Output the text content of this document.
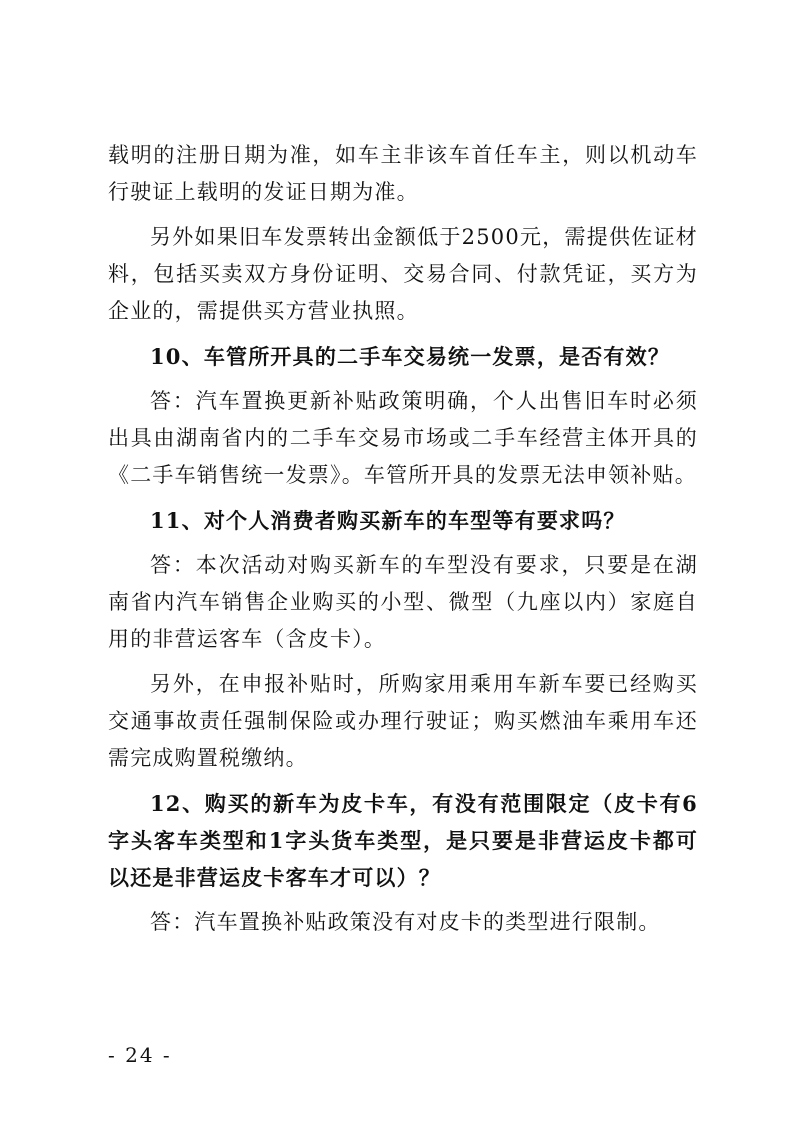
载明的注册日期为准，如车主非该车首任车主，则以机动车行驶证上载明的发证日期为准。

另外如果旧车发票转出金额低于2500元，需提供佐证材料，包括买卖双方身份证明、交易合同、付款凭证，买方为企业的，需提供买方营业执照。

10、车管所开具的二手车交易统一发票，是否有效？

答：汽车置换更新补贴政策明确，个人出售旧车时必须出具由湖南省内的二手车交易市场或二手车经营主体开具的《二手车销售统一发票》。车管所开具的发票无法申领补贴。

11、对个人消费者购买新车的车型等有要求吗？

答：本次活动对购买新车的车型没有要求，只要是在湖南省内汽车销售企业购买的小型、微型（九座以内）家庭自用的非营运客车（含皮卡）。

另外，在申报补贴时，所购家用乘用车新车要已经购买交通事故责任强制保险或办理行驶证；购买燃油车乘用车还需完成购置税缴纳。

12、购买的新车为皮卡车，有没有范围限定（皮卡有6字头客车类型和1字头货车类型，是只要是非营运皮卡都可以还是非营运皮卡客车才可以）？

答：汽车置换补贴政策没有对皮卡的类型进行限制。

- 24 -
